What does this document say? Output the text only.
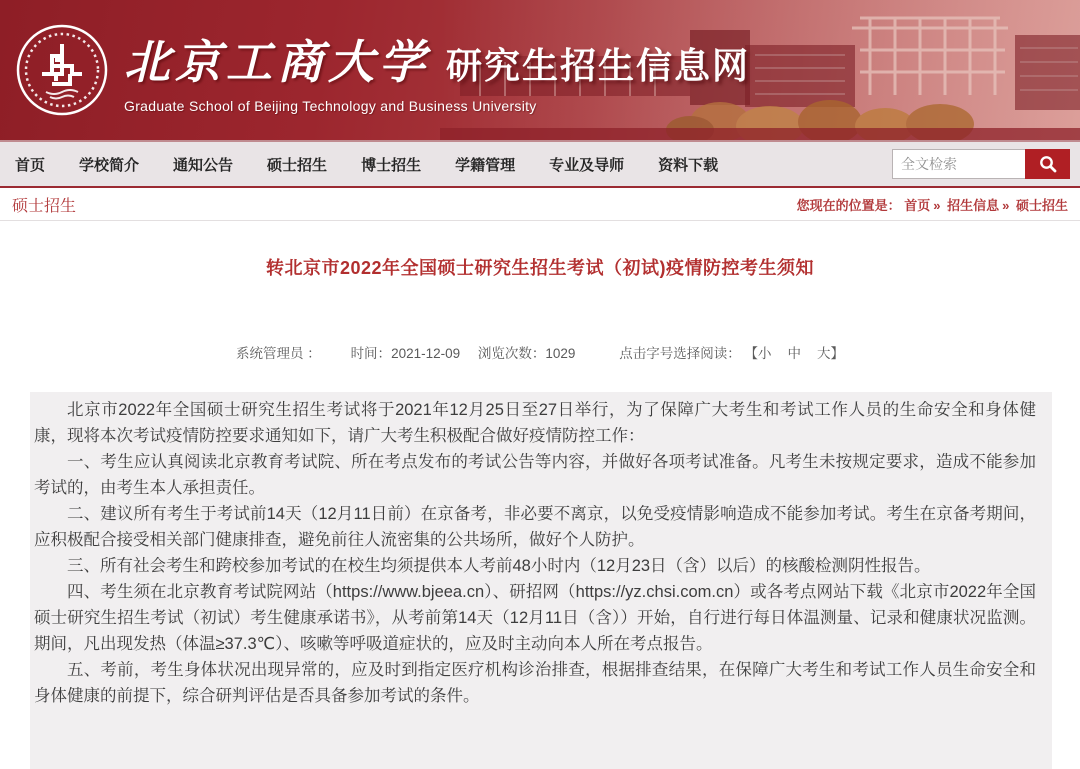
北京工商大学 研究生招生信息网
Graduate School of Beijing Technology and Business University
首页 学校简介 通知公告 硕士招生 博士招生 学籍管理 专业及导师 资料下载
全文检索
硕士招生	您现在的位置是： 首页 » 招生信息 » 硕士招生
转北京市2022年全国硕士研究生招生考试（初试)疫情防控考生须知
系统管理员 ： 时间：2021-12-09 浏览次数：1029	点击字号选择阅读： 【小 中 大】

北京市2022年全国硕士研究生招生考试将于2021年12月25日至27日举行，为了保障广大考生和考试工作人员的生命安全和身体健康，现将本次考试疫情防控要求通知如下，请广大考生积极配合做好疫情防控工作：

一、考生应认真阅读北京教育考试院、所在考点发布的考试公告等内容，并做好各项考试准备。凡考生未按规定要求，造成不能参加考试的，由考生本人承担责任。

二、建议所有考生于考试前14天（12月11日前）在京备考，非必要不离京，以免受疫情影响造成不能参加考试。考生在京备考期间，应积极配合接受相关部门健康排查，避免前往人流密集的公共场所，做好个人防护。

三、所有社会考生和跨校参加考试的在校生均须提供本人考前48小时内（12月23日（含）以后）的核酸检测阴性报告。

四、考生须在北京教育考试院网站（https://www.bjeea.cn）、研招网（https://yz.chsi.com.cn）或各考点网站下载《北京市2022年全国硕士研究生招生考试（初试）考生健康承诺书》，从考前第14天（12月11日（含））开始，自行进行每日体温测量、记录和健康状况监测。期间，凡出现发热（体温≥37.3℃）、咳嗽等呼吸道症状的，应及时主动向本人所在考点报告。

五、考前，考生身体状况出现异常的，应及时到指定医疗机构诊治排查，根据排查结果，在保障广大考生和考试工作人员生命安全和身体健康的前提下，综合研判评估是否具备参加考试的条件。
